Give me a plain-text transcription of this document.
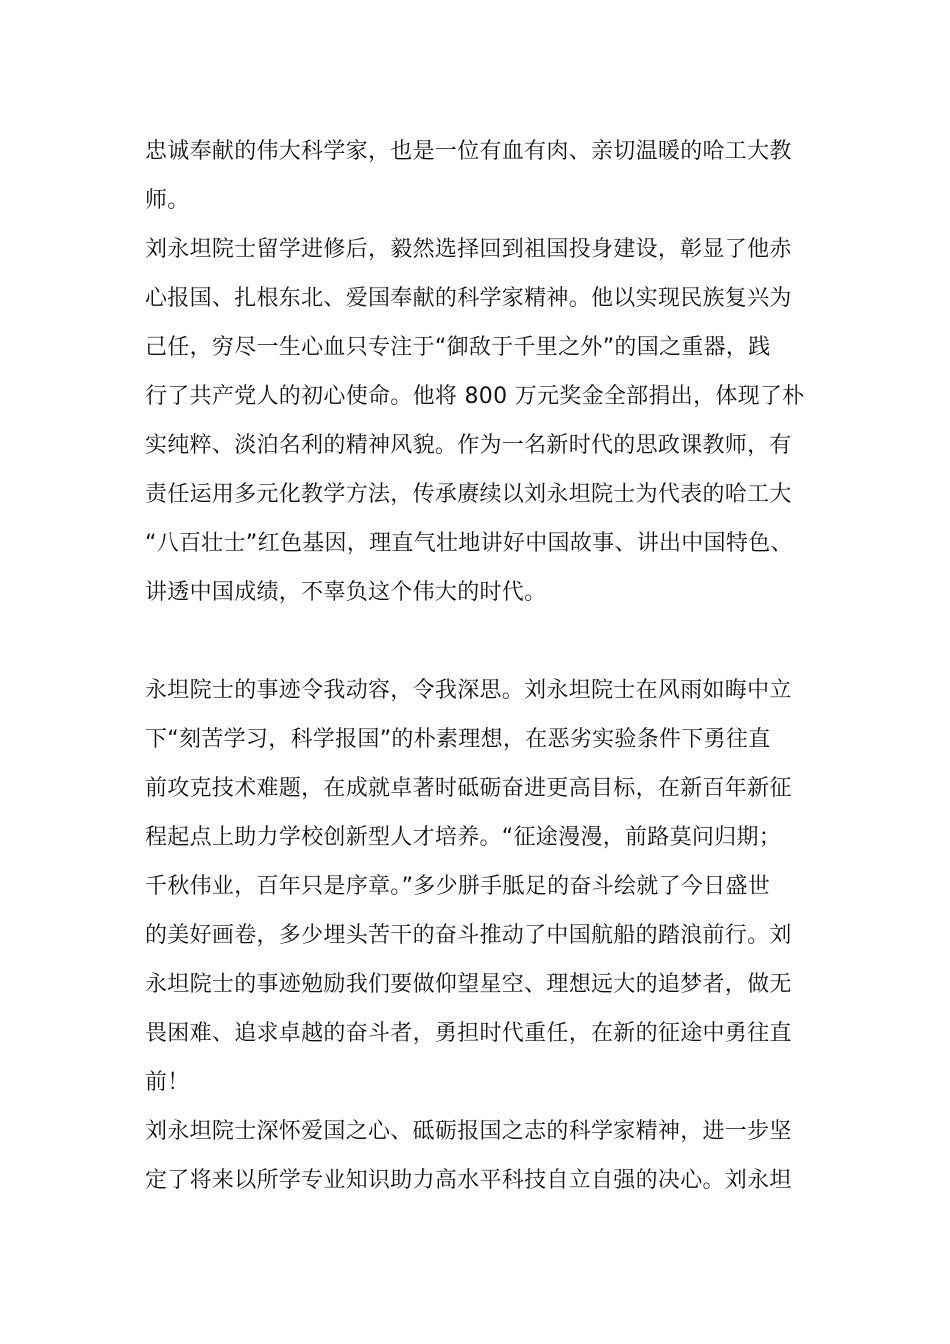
忠诚奉献的伟大科学家，也是一位有血有肉、亲切温暖的哈工大教
师。
刘永坦院士留学进修后，毅然选择回到祖国投身建设，彰显了他赤
心报国、扎根东北、爱国奉献的科学家精神。他以实现民族复兴为
己任，穷尽一生心血只专注于“御敌于千里之外”的国之重器，践
行了共产党人的初心使命。他将 800 万元奖金全部捐出，体现了朴
实纯粹、淡泊名利的精神风貌。作为一名新时代的思政课教师，有
责任运用多元化教学方法，传承赓续以刘永坦院士为代表的哈工大
“八百壮士”红色基因，理直气壮地讲好中国故事、讲出中国特色、
讲透中国成绩，不辜负这个伟大的时代。
永坦院士的事迹令我动容，令我深思。刘永坦院士在风雨如晦中立
下“刻苦学习，科学报国”的朴素理想，在恶劣实验条件下勇往直
前攻克技术难题，在成就卓著时砥砺奋进更高目标，在新百年新征
程起点上助力学校创新型人才培养。“征途漫漫，前路莫问归期；
千秋伟业，百年只是序章。”多少胼手胝足的奋斗绘就了今日盛世
的美好画卷，多少埋头苦干的奋斗推动了中国航船的踏浪前行。刘
永坦院士的事迹勉励我们要做仰望星空、理想远大的追梦者，做无
畏困难、追求卓越的奋斗者，勇担时代重任，在新的征途中勇往直
前！
刘永坦院士深怀爱国之心、砥砺报国之志的科学家精神，进一步坚
定了将来以所学专业知识助力高水平科技自立自强的决心。刘永坦
